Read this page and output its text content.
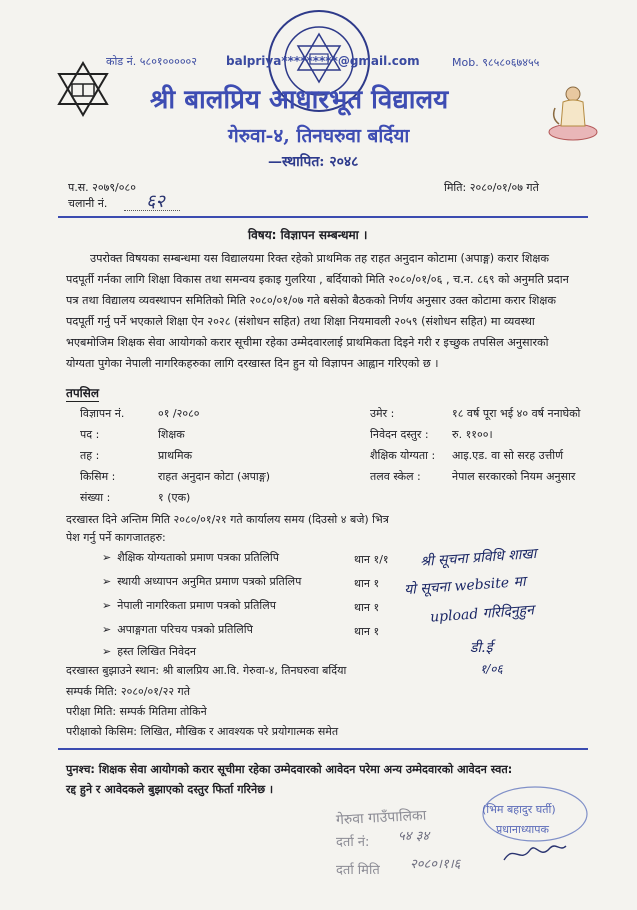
कोड नं. ५८०१०००००२ balpriya*********@gmail.com	Mob. ९८५८०६७४५५
श्री बालप्रिय आधारभूत विद्यालय
गेरुवा-४, तिनघरुवा बर्दिया
—स्थापित: २०४८
प.स. २०७९/०८०
चलानी नं. ६२
मिति: २०८०/०१/०७ गते
विषय: विज्ञापन सम्बन्धमा ।
उपरोक्त विषयका सम्बन्धमा यस विद्यालयमा रिक्त रहेको प्राथमिक तह राहत अनुदान कोटामा (अपाङ्ग) करार शिक्षक
पदपूर्ती गर्नका लागि शिक्षा विकास तथा समन्वय इकाइ गुलरिया , बर्दियाको मिति २०८०/०१/०६ , च.न. ८६९ को अनुमति प्रदान
पत्र तथा विद्यालय व्यवस्थापन समितिको मिति २०८०/०१/०७ गते बसेको बैठकको निर्णय अनुसार उक्त कोटामा करार शिक्षक
पदपूर्ती गर्नु पर्ने भएकाले शिक्षा ऐन २०२८ (संशोधन सहित) तथा शिक्षा नियमावली २०५९ (संशोधन सहित) मा व्यवस्था
भएबमोजिम शिक्षक सेवा आयोगको करार सूचीमा रहेका उम्मेदवारलाई प्राथमिकता दिइने गरी र इच्छुक तपसिल अनुसारको
योग्यता पुगेका नेपाली नागरिकहरुका लागि दरखास्त दिन हुन यो विज्ञापन आह्वान गरिएको छ ।
तपसिल
विज्ञापन नं.	०१ /२०८०
पद :	शिक्षक
तह :	प्राथमिक
किसिम :	राहत अनुदान कोटा (अपाङ्ग)
संख्या :	१ (एक)
उमेर :	१८ वर्ष पूरा भई ४० वर्ष ननाघेको
निवेदन दस्तुर : रु. ११००।
शैक्षिक योग्यता : आइ.एड. वा सो सरह उत्तीर्ण
तलव स्केल :	नेपाल सरकारको नियम अनुसार
दरखास्त दिने अन्तिम मिति २०८०/०१/२१ गते कार्यालय समय (दिउसो ४ बजे) भित्र
पेश गर्नु पर्ने कागजातहरु:
➢ शैक्षिक योग्यताको प्रमाण पत्रका प्रतिलिपि	थान १/१
➢ स्थायी अध्यापन अनुमित प्रमाण पत्रको प्रतिलिप	थान १
➢ नेपाली नागरिकता प्रमाण पत्रको प्रतिलिप	थान १
➢ अपाङ्गगता परिचय पत्रको प्रतिलिपि	थान १
➢ हस्त लिखित निवेदन
श्री सूचना प्रविधि शाखा
यो सूचना website मा
upload गरिदिनुहुन
डी.ई
१/०६
दरखास्त बुझाउने स्थान: श्री बालप्रिय आ.वि. गेरुवा-४, तिनघरुवा बर्दिया
सम्पर्क मिति: २०८०/०१/२२ गते
परीक्षा मिति: सम्पर्क मितिमा तोकिने
परीक्षाको किसिम: लिखित, मौखिक र आवश्यक परे प्रयोगात्मक समेत
पुनश्च: शिक्षक सेवा आयोगको करार सूचीमा रहेका उम्मेदवारको आवेदन परेमा अन्य उम्मेदवारको आवेदन स्वत:
रद्द हुने र आवेदकले बुझाएको दस्तुर फिर्ता गरिनेछ ।
गेरुवा गाउँपालिका
दर्ता नं: ५४ ३४
दर्ता मिति २०८०।१।६
(भिम बहादुर घर्ती)
प्रधानाध्यापक
